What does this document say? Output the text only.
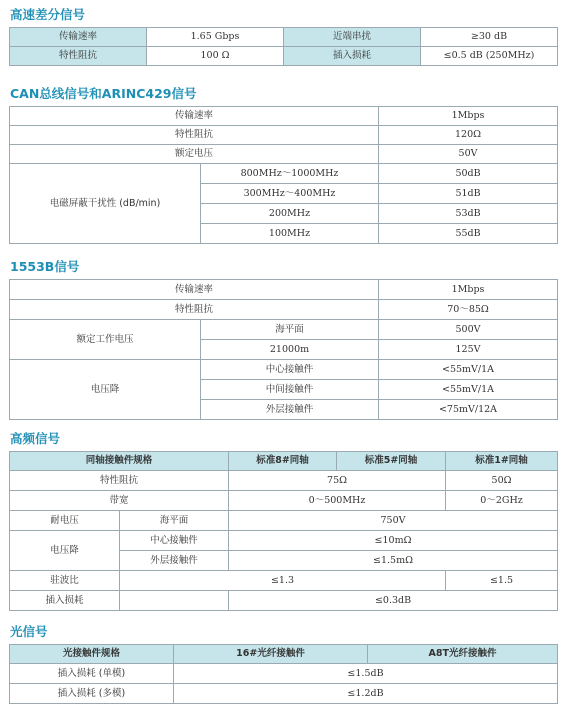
高速差分信号
传输速率	1.65 Gbps	近端串扰	≥30 dB
特性阻抗	100 Ω	插入损耗	≤0.5 dB (250MHz)
CAN总线信号和ARINC429信号
传输速率		1Mbps
特性阻抗		120Ω
额定电压		50V
电磁屏蔽干扰性 (dB/min)	800MHz～1000MHz	50dB
	300MHz～400MHz	51dB
	200MHz	53dB
	100MHz	55dB
1553B信号
传输速率		1Mbps
特性阻抗		70～85Ω
额定工作电压	海平面	500V
	21000m	125V
电压降	中心接触件	<55mV/1A
	中间接触件	<55mV/1A
	外层接触件	<75mV/12A
高频信号
同轴接触件规格		标准8#同轴	标准5#同轴	标准1#同轴
特性阻抗		75Ω		50Ω
带宽		0～500MHz		0～2GHz
耐电压	海平面	750V		
电压降	中心接触件	≤10mΩ		
	外层接触件	≤1.5mΩ		
驻波比	≤1.3			≤1.5
插入损耗		≤0.3dB		
光信号
光接触件规格	16#光纤接触件	A8T光纤接触件
插入损耗 (单模)	≤1.5dB	
插入损耗 (多模)	≤1.2dB	
